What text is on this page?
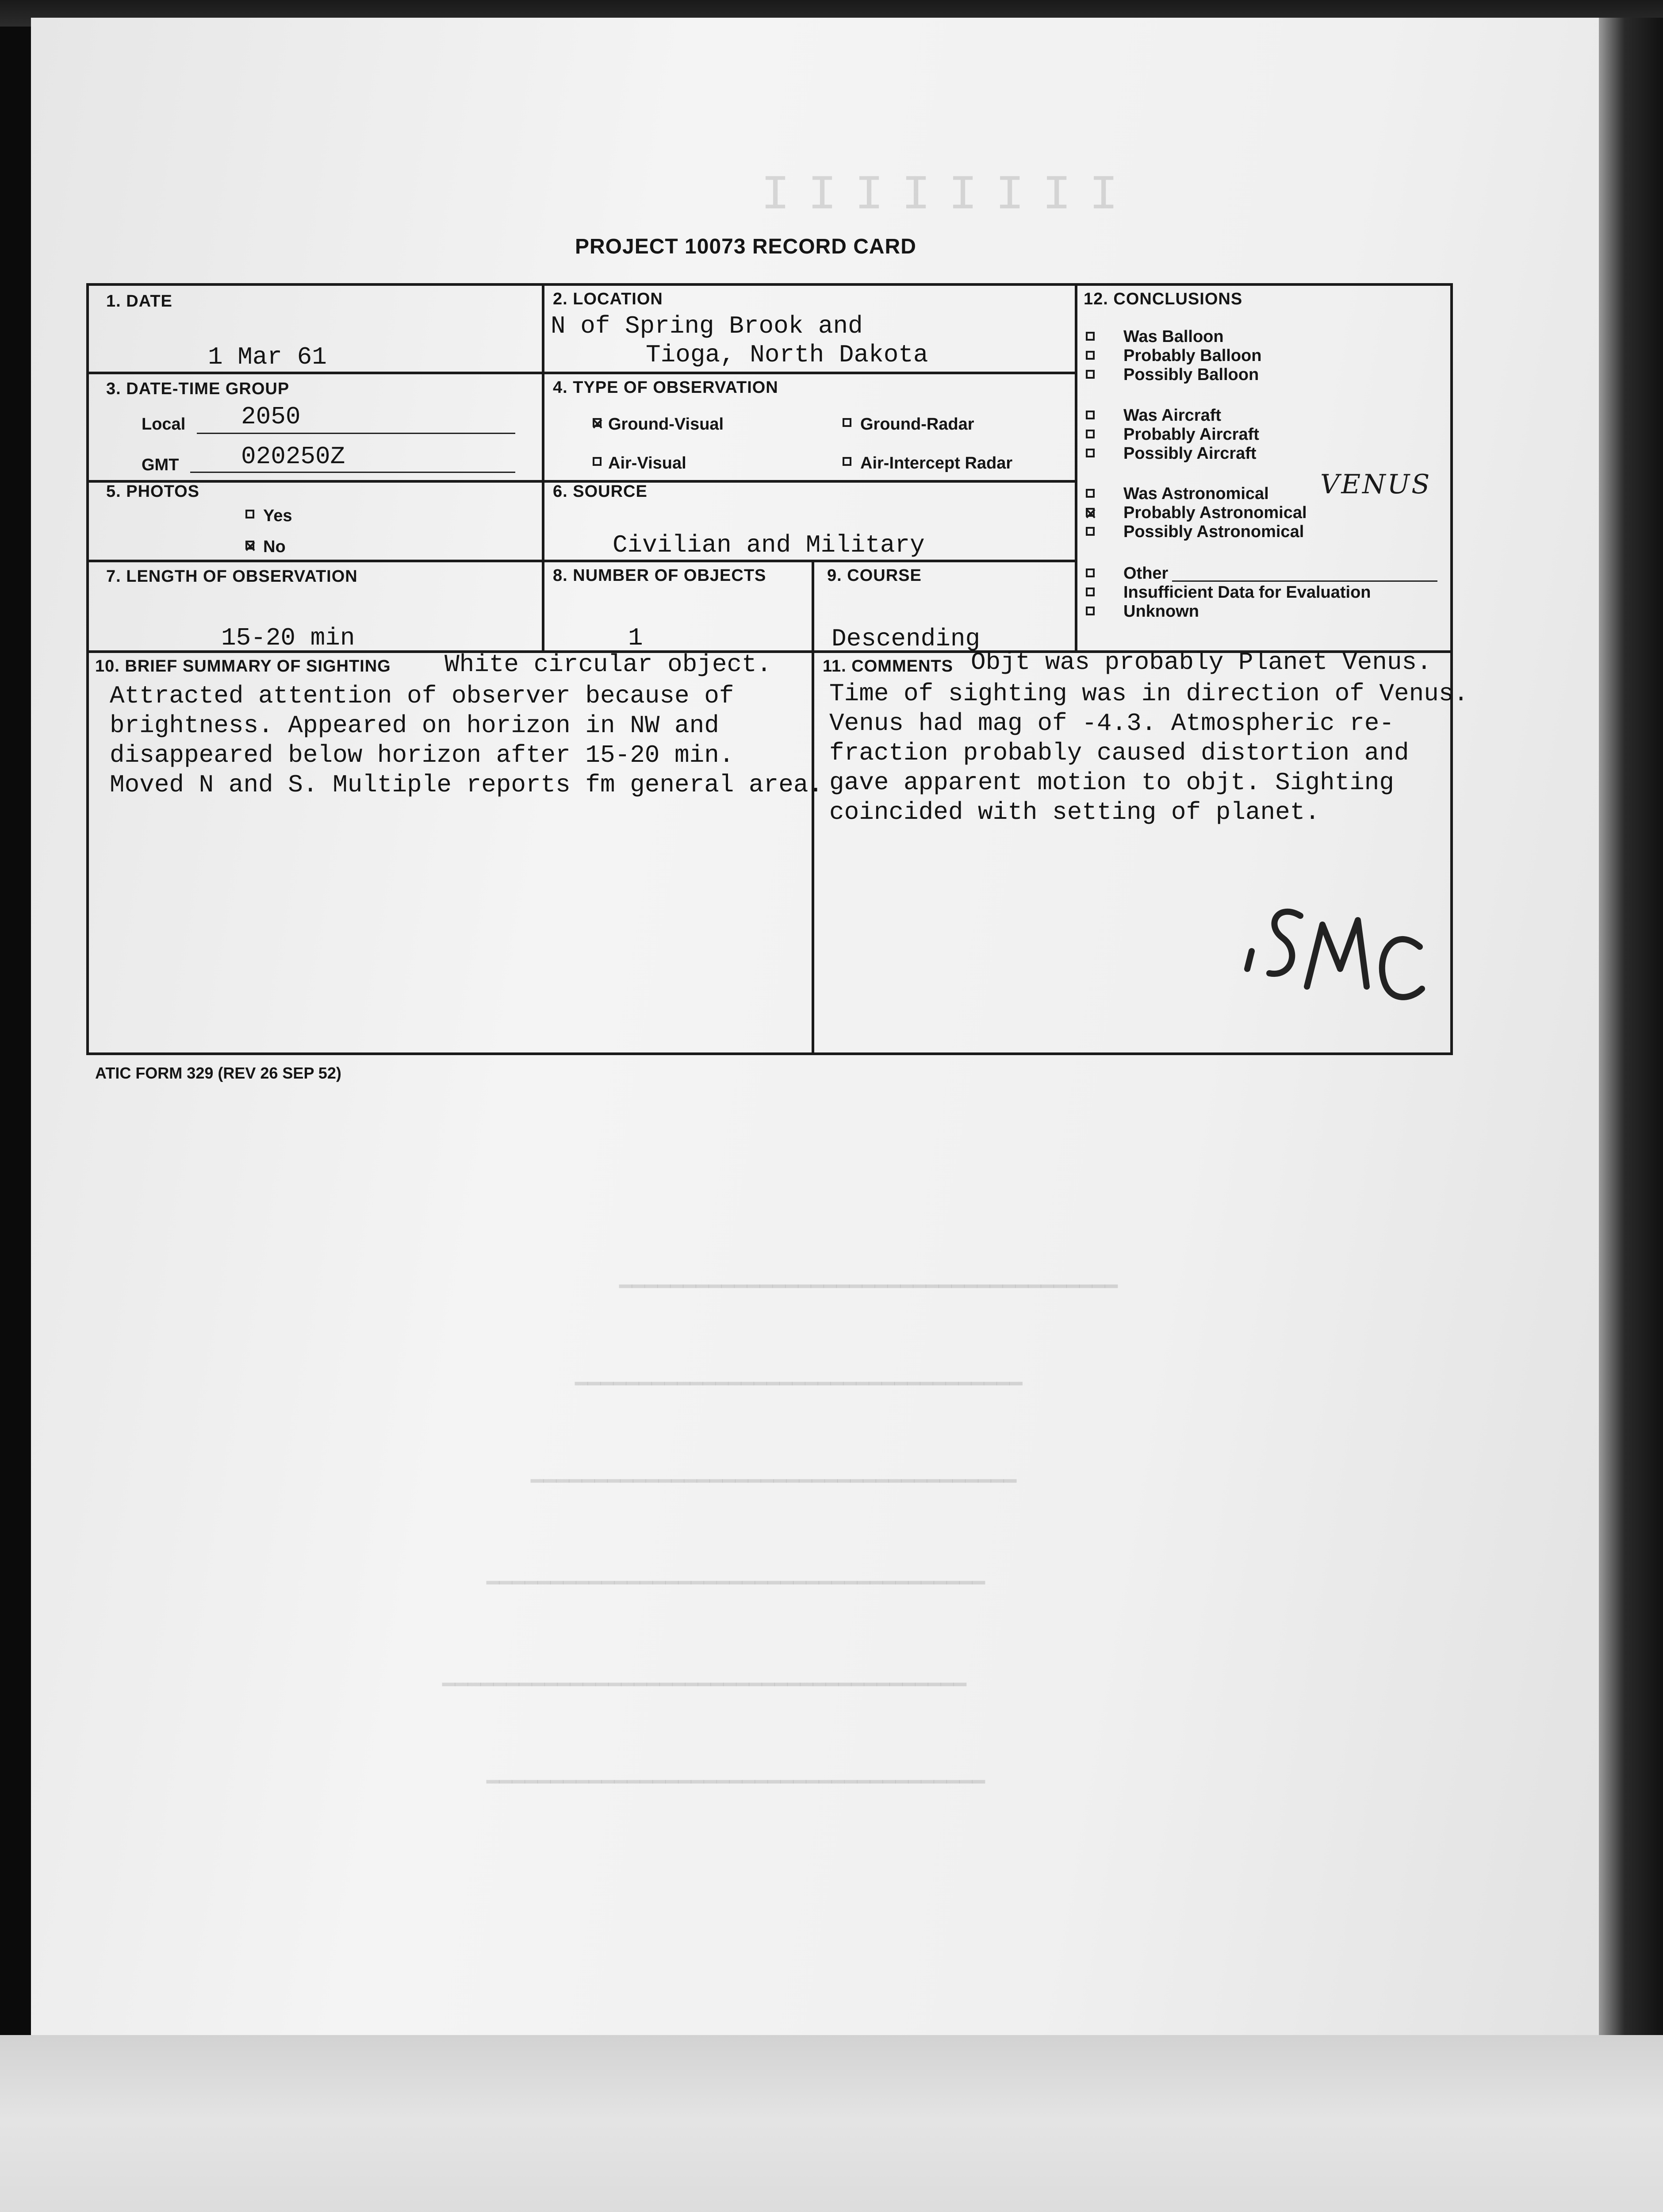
IIIIIIII
━━━━━━━━━━━━━━━━━━━━━━━━━━━━━━━━━━━━━━━
━━━━━━━━━━━━━━━━━━━━━━━━━━━━━━━━━━━
━━━━━━━━━━━━━━━━━━━━━━━━━━━━━━━━━━━━━━
━━━━━━━━━━━━━━━━━━━━━━━━━━━━━━━━━━━━━━━
━━━━━━━━━━━━━━━━━━━━━━━━━━━━━━━━━━━━━━━━━
━━━━━━━━━━━━━━━━━━━━━━━━━━━━━━━━━━━━━━━
PROJECT 10073 RECORD CARD
1. DATE
1 Mar 61
2. LOCATION
N of Spring Brook and
Tioga, North Dakota
3. DATE-TIME GROUP
Local 2050
GMT	020250Z
4. TYPE OF OBSERVATION
Ground-Visual	Ground-Radar
Air-Visual	Air-Intercept Radar
5. PHOTOS
Yes
No
6. SOURCE
Civilian and Military
7. LENGTH OF OBSERVATION
15-20 min
8. NUMBER OF OBJECTS
1
9. COURSE
Descending
10. BRIEF SUMMARY OF SIGHTING White circular object.
Attracted attention of observer because of
brightness. Appeared on horizon in NW and
disappeared below horizon after 15-20 min.
Moved N and S. Multiple reports fm general area.
11. COMMENTS Objt was probably Planet Venus.
Time of sighting was in direction of Venus.
Venus had mag of -4.3. Atmospheric re-
fraction probably caused distortion and
gave apparent motion to objt. Sighting
coincided with setting of planet.
12. CONCLUSIONS
Was Balloon
Probably Balloon
Possibly Balloon
Was Aircraft
Probably Aircraft
Possibly Aircraft
Was Astronomical VENUS
Probably Astronomical
Possibly Astronomical
Other
Insufficient Data for Evaluation
Unknown
ATIC FORM 329 (REV 26 SEP 52)
